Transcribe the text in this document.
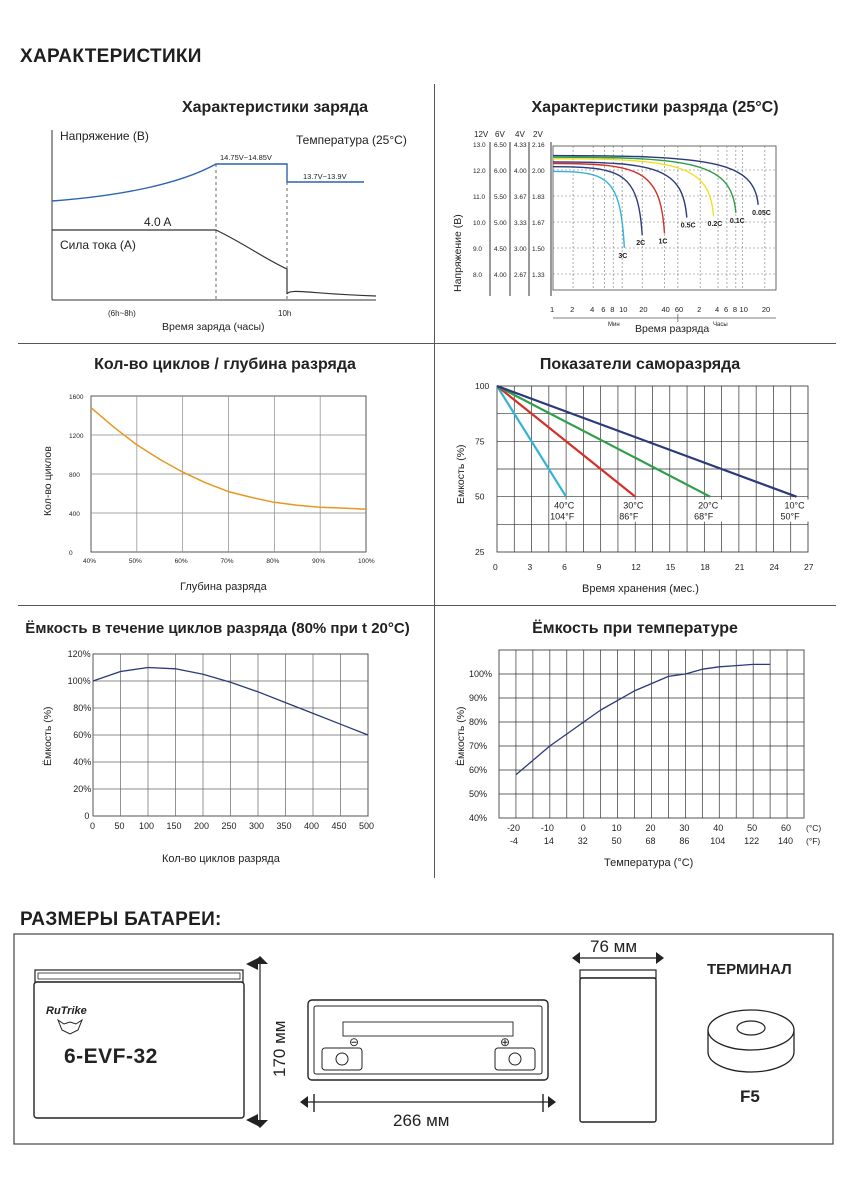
ХАРАКТЕРИСТИКИ
Характеристики заряда
Напряжение (В)	Температура (25°C)
14.75V~14.85V
13.7V~13.9V
4.0 A
Сила тока (А)
(6h~8h)	10h
Время заряда (часы)
Характеристики разряда (25°C)
Напряжение (В)
12V
13.0
12.0
11.0
10.0
9.0
8.0
6V
6.50
6.00
5.50
5.00
4.50
4.00
4V
4.33
4.00
3.67
3.33
3.00
2.67
2V
2.16
2.00
1.83
1.67
1.50
1.33
1 2 4 6 8 10 20 40 60 2 4 6 8 10 20
Мин	Часы
3C
2C 1C
0.5C 0.2C 0.1C
0.05C
Время разряда
Кол-во циклов / глубина разряда
Кол-во циклов
Глубина разряда
40%	50%	60%	70%	80%	90%	100%
0
400
800
1200
1600
Показатели саморазряда
Емкость (%)
Время хранения (мес.)
0	3	6	9	12	15	18	21	24	27
100
75
50
25
40°C
104°F
30°C
86°F
20°C
68°F
10°C
50°F
Ёмкость в течение циклов разряда (80% при t 20°C)
Ёмкость (%)
Кол-во циклов разряда
0 50 100 150 200 250 300 350 400 450 500
0
20%
40%
60%
80%
100%
120%
Ёмкость при температуре
Ёмкость (%)
Температура (°C)
-20
-4
-10
14
0
32
10
50
20
68
30
86
40
104
50
122
60
140
(°C)
(°F)
40%
50%
60%
70%
80%
90%
100%
РАЗМЕРЫ БАТАРЕИ:
RuTrike
6-EVF-32	170 мм	⊖	⊕
266 мм
76 мм
ТЕРМИНАЛ
F5
